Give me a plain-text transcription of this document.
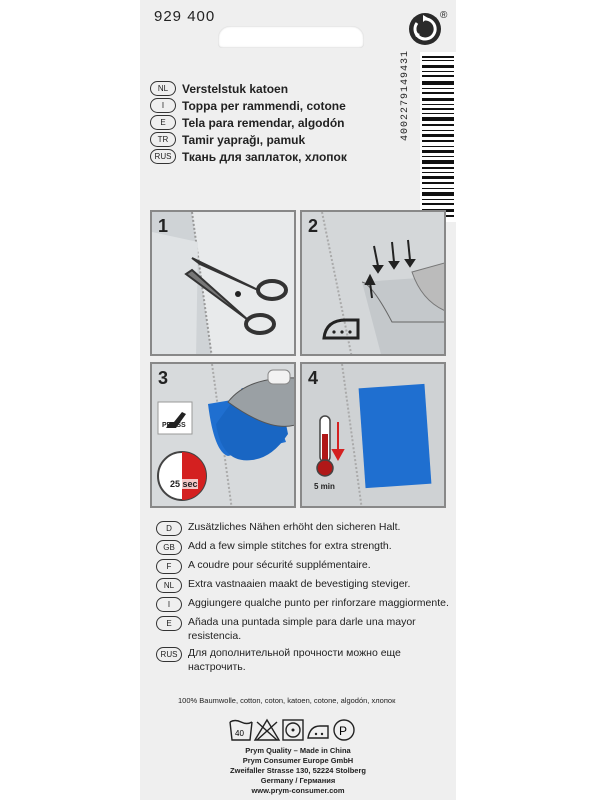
929 400	®
NL	Verstelstuk katoen
I	Toppa per rammendi, cotone
E	Tela para remendar, algodón
TR	Tamir yaprağı, pamuk
RUS Ткань для заплаток, хлопок
4002279149431
1	2
3
PRESS
25 sec
4
5 min
D	Zusätzliches Nähen erhöht den sicheren Halt.
GB	Add a few simple stitches for extra strength.
F	A coudre pour sécurité supplémentaire.
NL	Extra vastnaaien maakt de bevestiging steviger.
I	Aggiungere qualche punto per rinforzare maggiormente.
E	Añada una puntada simple para darle una mayor resistencia.
RUS	Для дополнительной прочности можно еще настрочить.
100% Baumwolle, cotton, coton, katoen, cotone, algodón, хлопок
40	P
Prym Quality – Made in China
Prym Consumer Europe GmbH
Zweifaller Strasse 130, 52224 Stolberg
Germany / Германия
www.prym-consumer.com
